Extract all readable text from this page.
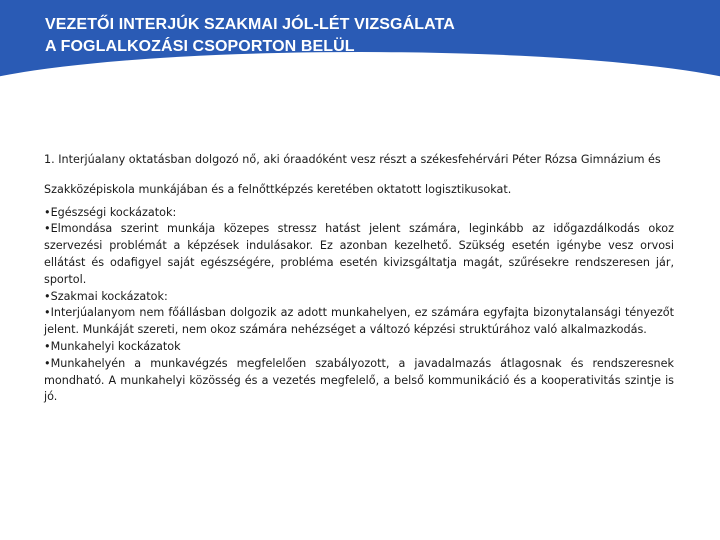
VEZETŐI INTERJÚK SZAKMAI JÓL-LÉT VIZSGÁLATA
A FOGLALKOZÁSI CSOPORTON BELÜL

1. Interjúalany oktatásban dolgozó nő, aki óraadóként vesz részt a székesfehérvári Péter Rózsa Gimnázium és

Szakközépiskola munkájában és a felnőttképzés keretében oktatott logisztikusokat.

•Egészségi kockázatok:

•Elmondása szerint munkája közepes stressz hatást jelent számára, leginkább az időgazdálkodás okoz szervezési problémát a képzések indulásakor. Ez azonban kezelhető. Szükség esetén igénybe vesz orvosi ellátást és odafigyel saját egészségére, probléma esetén kivizsgáltatja magát, szűrésekre rendszeresen jár, sportol.

•Szakmai kockázatok:

•Interjúalanyom nem főállásban dolgozik az adott munkahelyen, ez számára egyfajta bizonytalansági tényezőt jelent. Munkáját szereti, nem okoz számára nehézséget a változó képzési struktúrához való alkalmazkodás.

•Munkahelyi kockázatok

•Munkahelyén a munkavégzés megfelelően szabályozott, a javadalmazás átlagosnak és rendszeresnek mondható. A munkahelyi közösség és a vezetés megfelelő, a belső kommunikáció és a kooperativitás szintje is jó.
